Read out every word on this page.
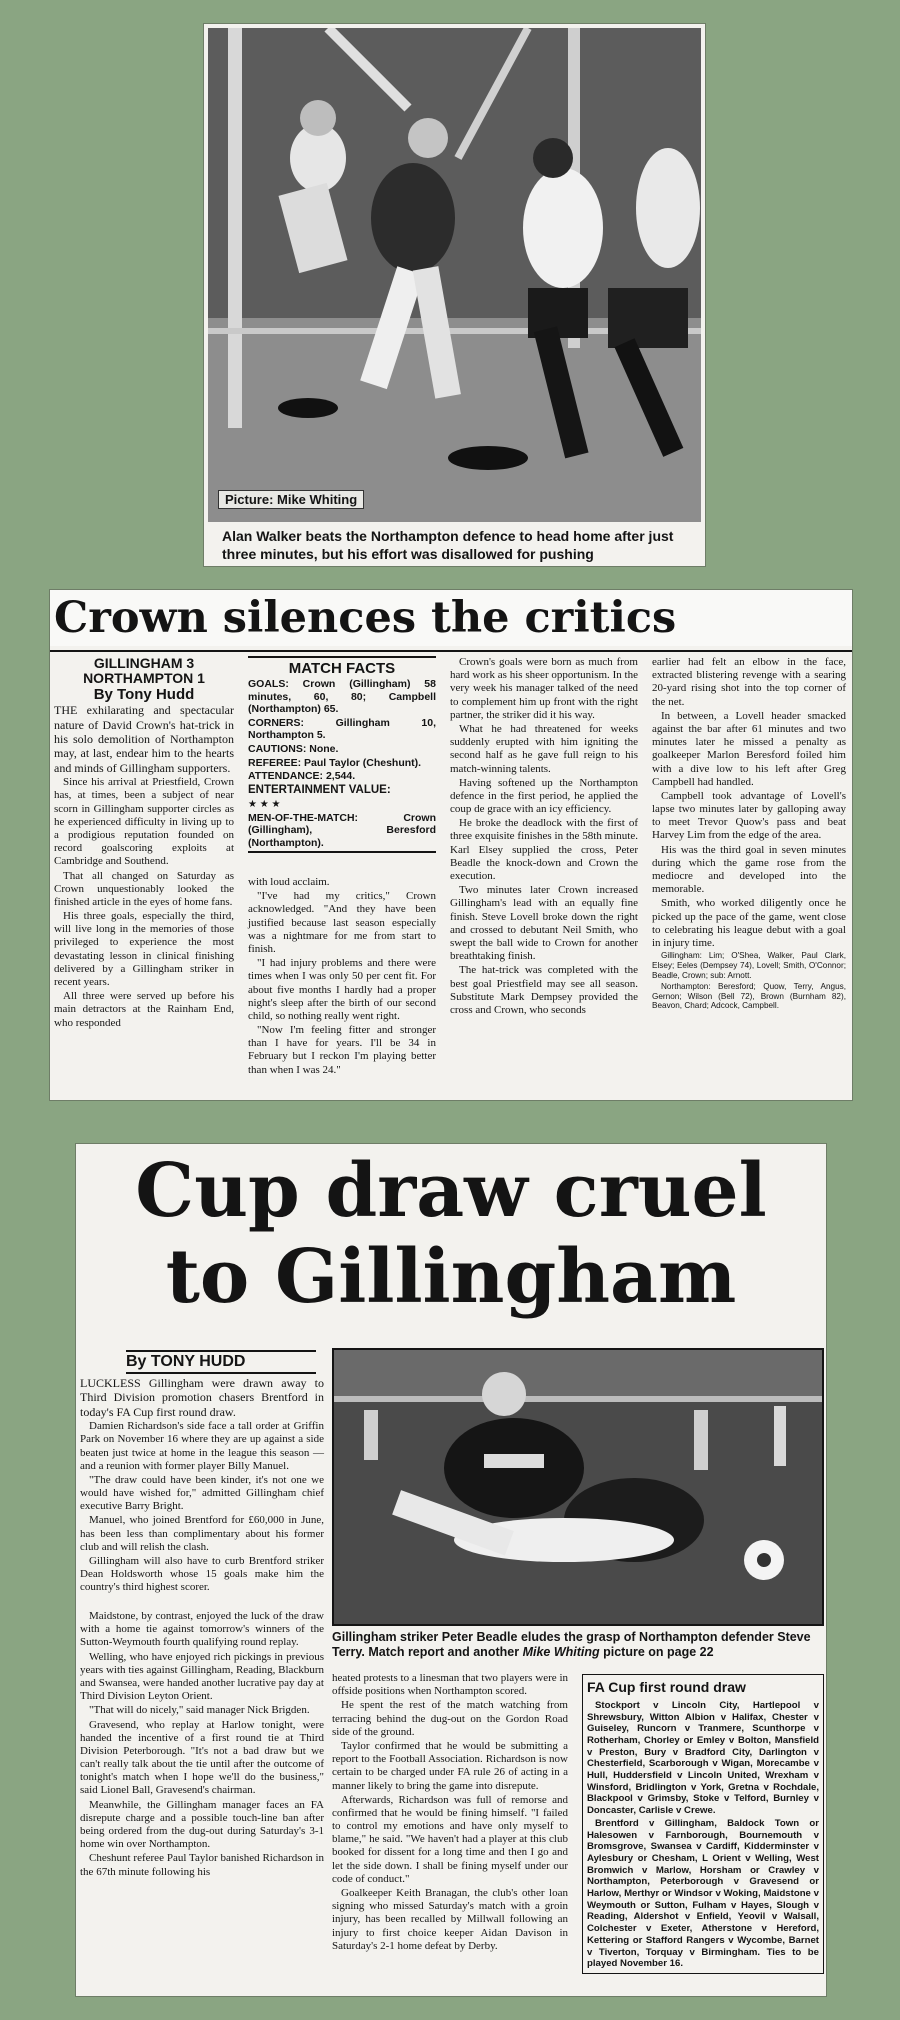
Picture: Mike Whiting
Alan Walker beats the Northampton defence to head home after just three minutes, but his effort was disallowed for pushing
Crown silences the critics
GILLINGHAM 3
NORTHAMPTON 1
By Tony Hudd

THE exhilarating and spectacular nature of David Crown's hat-trick in his solo demolition of Northampton may, at last, endear him to the hearts and minds of Gillingham supporters.

Since his arrival at Priestfield, Crown has, at times, been a subject of near scorn in Gillingham supporter circles as he experienced difficulty in living up to a prodigious reputation founded on record goalscoring exploits at Cambridge and Southend.

That all changed on Saturday as Crown unquestionably looked the finished article in the eyes of home fans.

His three goals, especially the third, will live long in the memories of those privileged to experience the most devastating lesson in clinical finishing delivered by a Gillingham striker in recent years.

All three were served up before his main detractors at the Rainham End, who responded

MATCH FACTS

GOALS: Crown (Gillingham) 58 minutes, 60, 80; Campbell (Northampton) 65.

CORNERS: Gillingham 10, Northampton 5.

CAUTIONS: None.

REFEREE: Paul Taylor (Cheshunt).

ATTENDANCE: 2,544.

ENTERTAINMENT VALUE:

★ ★ ★

MEN-OF-THE-MATCH: Crown (Gillingham), Beresford (Northampton).

with loud acclaim.

"I've had my critics," Crown acknowledged. "And they have been justified because last season especially was a nightmare for me from start to finish.

"I had injury problems and there were times when I was only 50 per cent fit. For about five months I hardly had a proper night's sleep after the birth of our second child, so nothing really went right.

"Now I'm feeling fitter and stronger than I have for years. I'll be 34 in February but I reckon I'm playing better than when I was 24."

Crown's goals were born as much from hard work as his sheer opportunism. In the very week his manager talked of the need to complement him up front with the right partner, the striker did it his way.

What he had threatened for weeks suddenly erupted with him igniting the second half as he gave full reign to his match-winning talents.

Having softened up the Northampton defence in the first period, he applied the coup de grace with an icy efficiency.

He broke the deadlock with the first of three exquisite finishes in the 58th minute. Karl Elsey supplied the cross, Peter Beadle the knock-down and Crown the execution.

Two minutes later Crown increased Gillingham's lead with an equally fine finish. Steve Lovell broke down the right and crossed to debutant Neil Smith, who swept the ball wide to Crown for another breathtaking finish.

The hat-trick was completed with the best goal Priestfield may see all season. Substitute Mark Dempsey provided the cross and Crown, who seconds

earlier had felt an elbow in the face, extracted blistering revenge with a searing 20-yard rising shot into the top corner of the net.

In between, a Lovell header smacked against the bar after 61 minutes and two minutes later he missed a penalty as goalkeeper Marlon Beresford foiled him with a dive low to his left after Greg Campbell had handled.

Campbell took advantage of Lovell's lapse two minutes later by galloping away to meet Trevor Quow's pass and beat Harvey Lim from the edge of the area.

His was the third goal in seven minutes during which the game rose from the mediocre and developed into the memorable.

Smith, who worked diligently once he picked up the pace of the game, went close to celebrating his league debut with a goal in injury time.

Gillingham: Lim; O'Shea, Walker, Paul Clark, Elsey; Eeles (Dempsey 74), Lovell; Smith, O'Connor; Beadle, Crown; sub: Arnott.

Northampton: Beresford; Quow, Terry, Angus, Gernon; Wilson (Bell 72), Brown (Burnham 82), Beavon, Chard; Adcock, Campbell.

Cup draw cruel
to Gillingham
By TONY HUDD

LUCKLESS Gillingham were drawn away to Third Division promotion chasers Brentford in today's FA Cup first round draw.

Damien Richardson's side face a tall order at Griffin Park on November 16 where they are up against a side beaten just twice at home in the league this season — and a reunion with former player Billy Manuel.

"The draw could have been kinder, it's not one we would have wished for," admitted Gillingham chief executive Barry Bright.

Manuel, who joined Brentford for £60,000 in June, has been less than complimentary about his former club and will relish the clash.

Gillingham will also have to curb Brentford striker Dean Holdsworth whose 15 goals make him the country's third highest scorer.

Gillingham striker Peter Beadle eludes the grasp of Northampton defender Steve Terry. Match report and another Mike Whiting picture on page 22

Maidstone, by contrast, enjoyed the luck of the draw with a home tie against tomorrow's winners of the Sutton-Weymouth fourth qualifying round replay.

Welling, who have enjoyed rich pickings in previous years with ties against Gillingham, Reading, Blackburn and Swansea, were handed another lucrative pay day at Third Division Leyton Orient.

"That will do nicely," said manager Nick Brigden.

Gravesend, who replay at Harlow tonight, were handed the incentive of a first round tie at Third Division Peterborough. "It's not a bad draw but we can't really talk about the tie until after the outcome of tonight's match when I hope we'll do the business," said Lionel Ball, Gravesend's chairman.

Meanwhile, the Gillingham manager faces an FA disrepute charge and a possible touch-line ban after being ordered from the dug-out during Saturday's 3-1 home win over Northampton.

Cheshunt referee Paul Taylor banished Richardson in the 67th minute following his

heated protests to a linesman that two players were in offside positions when Northampton scored.

He spent the rest of the match watching from terracing behind the dug-out on the Gordon Road side of the ground.

Taylor confirmed that he would be submitting a report to the Football Association. Richardson is now certain to be charged under FA rule 26 of acting in a manner likely to bring the game into disrepute.

Afterwards, Richardson was full of remorse and confirmed that he would be fining himself. "I failed to control my emotions and have only myself to blame," he said. "We haven't had a player at this club booked for dissent for a long time and then I go and let the side down. I shall be fining myself under our code of conduct."

Goalkeeper Keith Branagan, the club's other loan signing who missed Saturday's match with a groin injury, has been recalled by Millwall following an injury to first choice keeper Aidan Davison in Saturday's 2-1 home defeat by Derby.

FA Cup first round draw

Stockport v Lincoln City, Hartlepool v Shrewsbury, Witton Albion v Halifax, Chester v Guiseley, Runcorn v Tranmere, Scunthorpe v Rotherham, Chorley or Emley v Bolton, Mansfield v Preston, Bury v Bradford City, Darlington v Chesterfield, Scarborough v Wigan, Morecambe v Hull, Huddersfield v Lincoln United, Wrexham v Winsford, Bridlington v York, Gretna v Rochdale, Blackpool v Grimsby, Stoke v Telford, Burnley v Doncaster, Carlisle v Crewe.

Brentford v Gillingham, Baldock Town or Halesowen v Farnborough, Bournemouth v Bromsgrove, Swansea v Cardiff, Kidderminster v Aylesbury or Chesham, L Orient v Welling, West Bromwich v Marlow, Horsham or Crawley v Northampton, Peterborough v Gravesend or Harlow, Merthyr or Windsor v Woking, Maidstone v Weymouth or Sutton, Fulham v Hayes, Slough v Reading, Aldershot v Enfield, Yeovil v Walsall, Colchester v Exeter, Atherstone v Hereford, Kettering or Stafford Rangers v Wycombe, Barnet v Tiverton, Torquay v Birmingham. Ties to be played November 16.
